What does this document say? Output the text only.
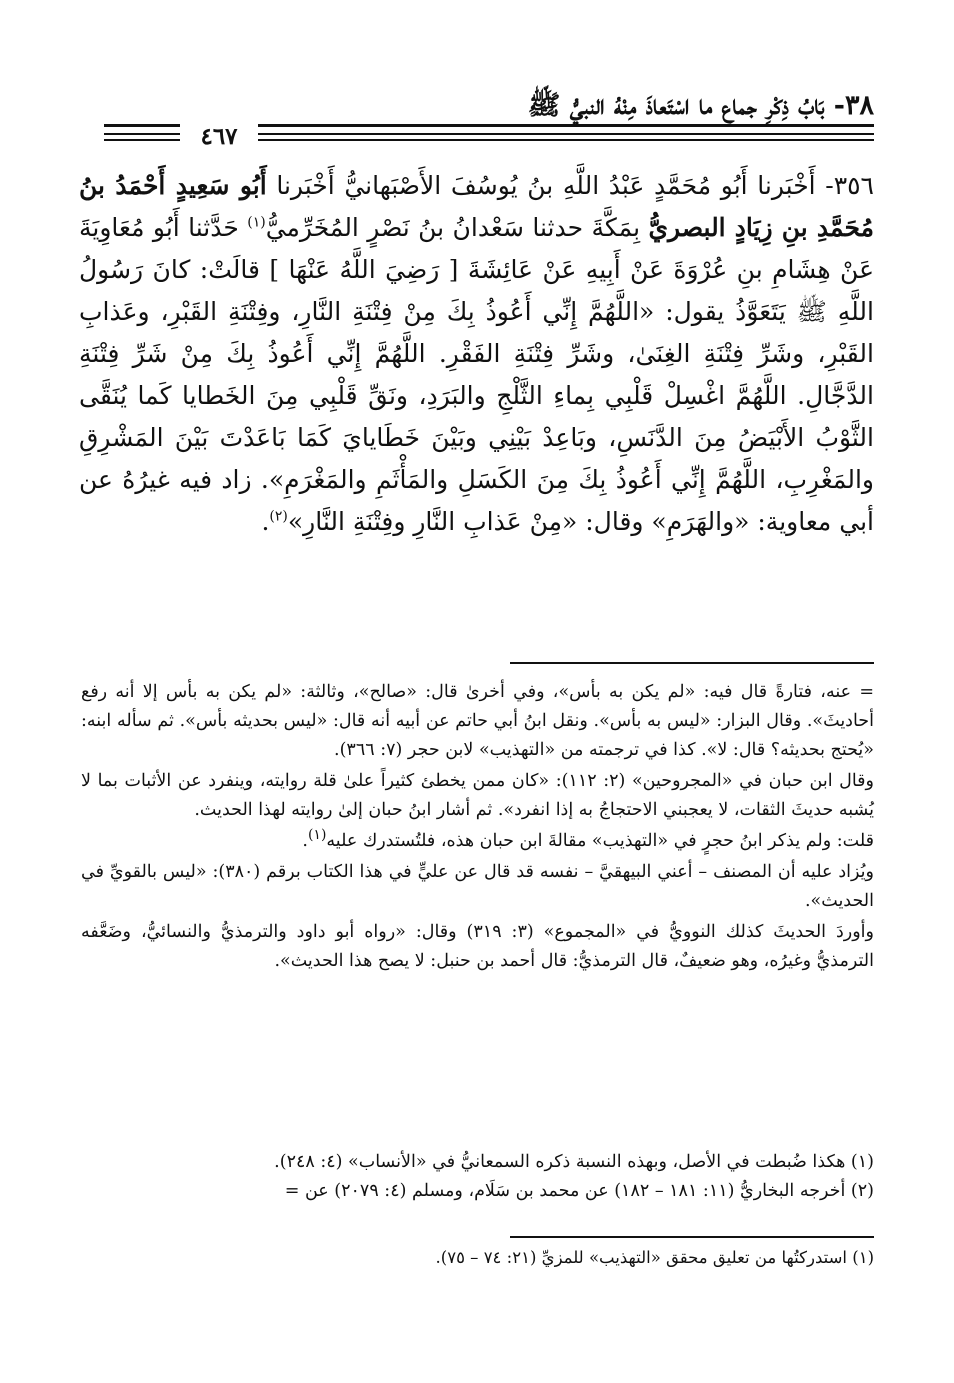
٣٨- بَابُ ذِكْرِ جماع ما اسْتَعاذَ مِنْهُ النبيُّ ﷺ
٤٦٧

٣٥٦- أَخْبَرنا أَبُو مُحَمَّدٍ عَبْدُ اللَّهِ بنُ يُوسُفَ الأَصْبَهانيُّ أَخْبَرنا أَبُو سَعِيدٍ أَحْمَدُ بنُ مُحَمَّدِ بنِ زِيَادٍ البصريُّ بِمَكَّةَ حدثنا سَعْدانُ بنُ نَصْرٍ المُخَرِّميُّ$^{(١)}$ حَدَّثنا أَبُو مُعَاوِيَةَ عَنْ هِشَامِ بنِ عُرْوَةَ عَنْ أَبِيهِ عَنْ عَائِشَةَ [ رَضِيَ اللَّهُ عَنْهَا ] قالَتْ: كانَ رَسُولُ اللَّهِ ﷺ يَتَعَوَّذُ يقول: «اللَّهُمَّ إِنِّي أَعُوذُ بِكَ مِنْ فِتْنَةِ النَّارِ، وفِتْنَةِ القَبْرِ، وعَذابِ القَبْرِ، وشَرِّ فِتْنَةِ الغِنَىٰ، وشَرِّ فِتْنَةِ الفَقْرِ. اللَّهُمَّ إِنِّي أَعُوذُ بِكَ مِنْ شَرِّ فِتْنَةِ الدَّجَّالِ. اللَّهُمَّ اغْسِلْ قَلْبِي بِماءِ الثَّلْجِ والبَرَدِ، ونَقِّ قَلْبِي مِنَ الخَطايا كَما يُنَقَّى الثَّوْبُ الأَبْيَضُ مِنَ الدَّنَسِ، وبَاعِدْ بَيْنِي وبَيْنَ خَطَايايَ كَمَا بَاعَدْتَ بَيْنَ المَشْرِقِ والمَغْرِبِ، اللَّهُمَّ إِنِّي أَعُوذُ بِكَ مِنَ الكَسَلِ والمَأْثَمِ والمَغْرَمِ». زاد فيه غيرُهُ عن أبي معاوية: «والهَرَمِ» وقال: «مِنْ عَذابِ النَّارِ وفِتْنَةِ النَّارِ»$^{(٢)}$.

= عنه، فتارةً قال فيه: «لم يكن به بأس»، وفي أخرىٰ قال: «صالح»، وثالثة: «لم يكن به بأس إلا أنه رفع أحاديثَ». وقال البزار: «ليس به بأس». ونقل ابنُ أبي حاتم عن أبيه أنه قال: «ليس بحديثه بأس». ثم سأله ابنه: «يُحتج بحديثه؟ قال: لا». كذا في ترجمته من «التهذيب» لابن حجر (٧: ٣٦٦).

وقال ابن حبان في «المجروحين» (٢: ١١٢): «كان ممن يخطئ كثيراً علىٰ قلة روايته، وينفرد عن الأثبات بما لا يُشبه حديثَ الثقات، لا يعجبني الاحتجاجُ به إذا انفرد». ثم أشار ابنُ حبان إلىٰ روايته لهذا الحديث.

قلت: ولم يذكر ابنُ حجرٍ في «التهذيب» مقالةَ ابن حبان هذه، فلتُستدرك عليه$^{(١)}$.

ويُزاد عليه أن المصنف – أعني البيهقيَّ – نفسه قد قال عن عليٍّ في هذا الكتاب برقم (٣٨٠): «ليس بالقويِّ في الحديث».

وأوردَ الحديثَ كذلك النوويُّ في «المجموع» (٣: ٣١٩) وقال: «رواه أبو داود والترمذيُّ والنسائيُّ، وضَعَّفه الترمذيُّ وغيرُه، وهو ضعيفٌ، قال الترمذيُّ: قال أحمد بن حنبل: لا يصح هذا الحديث».

(١) هكذا ضُبطت في الأصل، وبهذه النسبة ذكره السمعانيُّ في «الأنساب» (٤: ٢٤٨).
(٢) أخرجه البخاريُّ (١١: ١٨١ – ١٨٢) عن محمد بن سَلَام، ومسلم (٤: ٢٠٧٩) عن =
(١) استدركتُها من تعليق محقق «التهذيب» للمزيِّ (٢١: ٧٤ – ٧٥).
